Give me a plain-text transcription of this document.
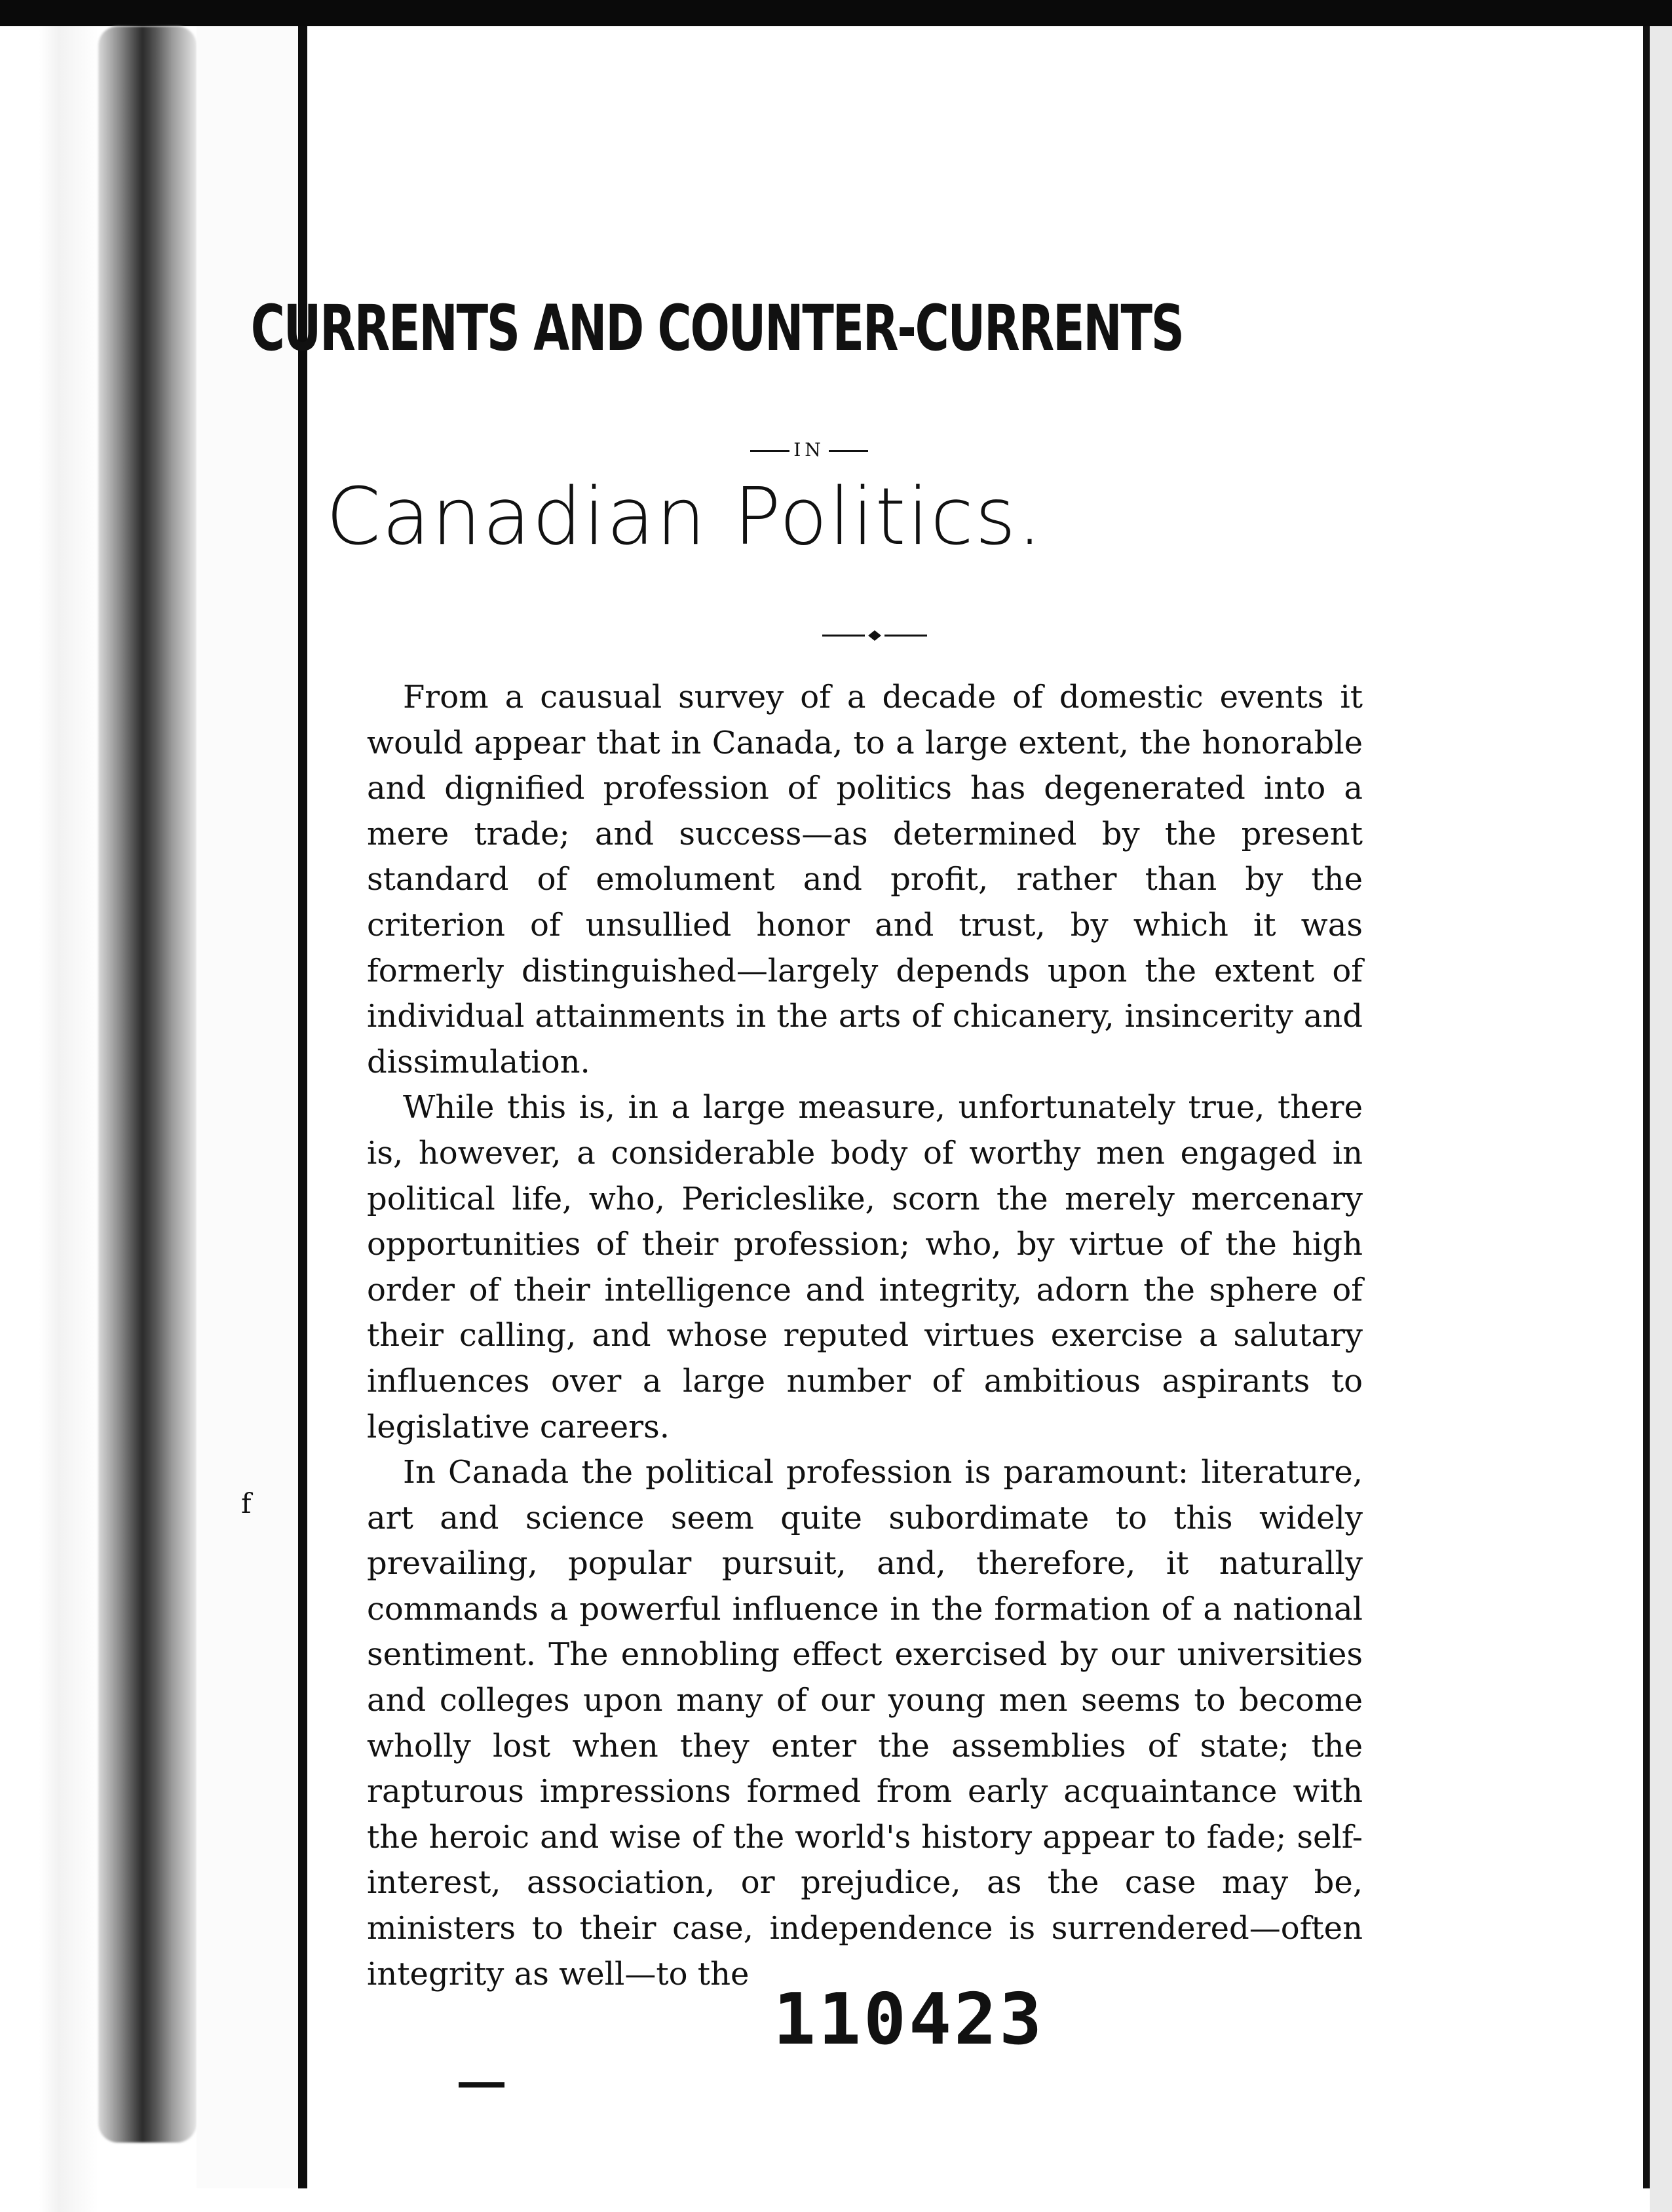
f
CURRENTS AND COUNTER-CURRENTS
IN
Canadian Politics.

From a causual survey of a decade of domestic events it would appear that in Canada, to a large extent, the honorable and dignified profession of politics has degenerated into a mere trade; and success—as determined by the present standard of emolument and profit, rather than by the criterion of unsullied honor and trust, by which it was formerly distinguished—largely depends upon the extent of individual attainments in the arts of chicanery, insincerity and dissimulation.

While this is, in a large measure, unfortunately true, there is, however, a considerable body of worthy men engaged in political life, who, Pericleslike, scorn the merely mercenary opportunities of their profession; who, by virtue of the high order of their intelligence and integrity, adorn the sphere of their calling, and whose reputed virtues exercise a salutary influences over a large number of ambitious aspirants to legislative careers.

In Canada the political profession is paramount: literature, art and science seem quite subordimate to this widely prevailing, popular pursuit, and, therefore, it naturally commands a powerful influence in the formation of a national sentiment. The ennobling effect exercised by our universities and colleges upon many of our young men seems to become wholly lost when they enter the assemblies of state; the rapturous impressions formed from early acquaintance with the heroic and wise of the world's history appear to fade; self-interest, association, or prejudice, as the case may be, ministers to their case, independence is surrendered—often integrity as well—to the

110423
